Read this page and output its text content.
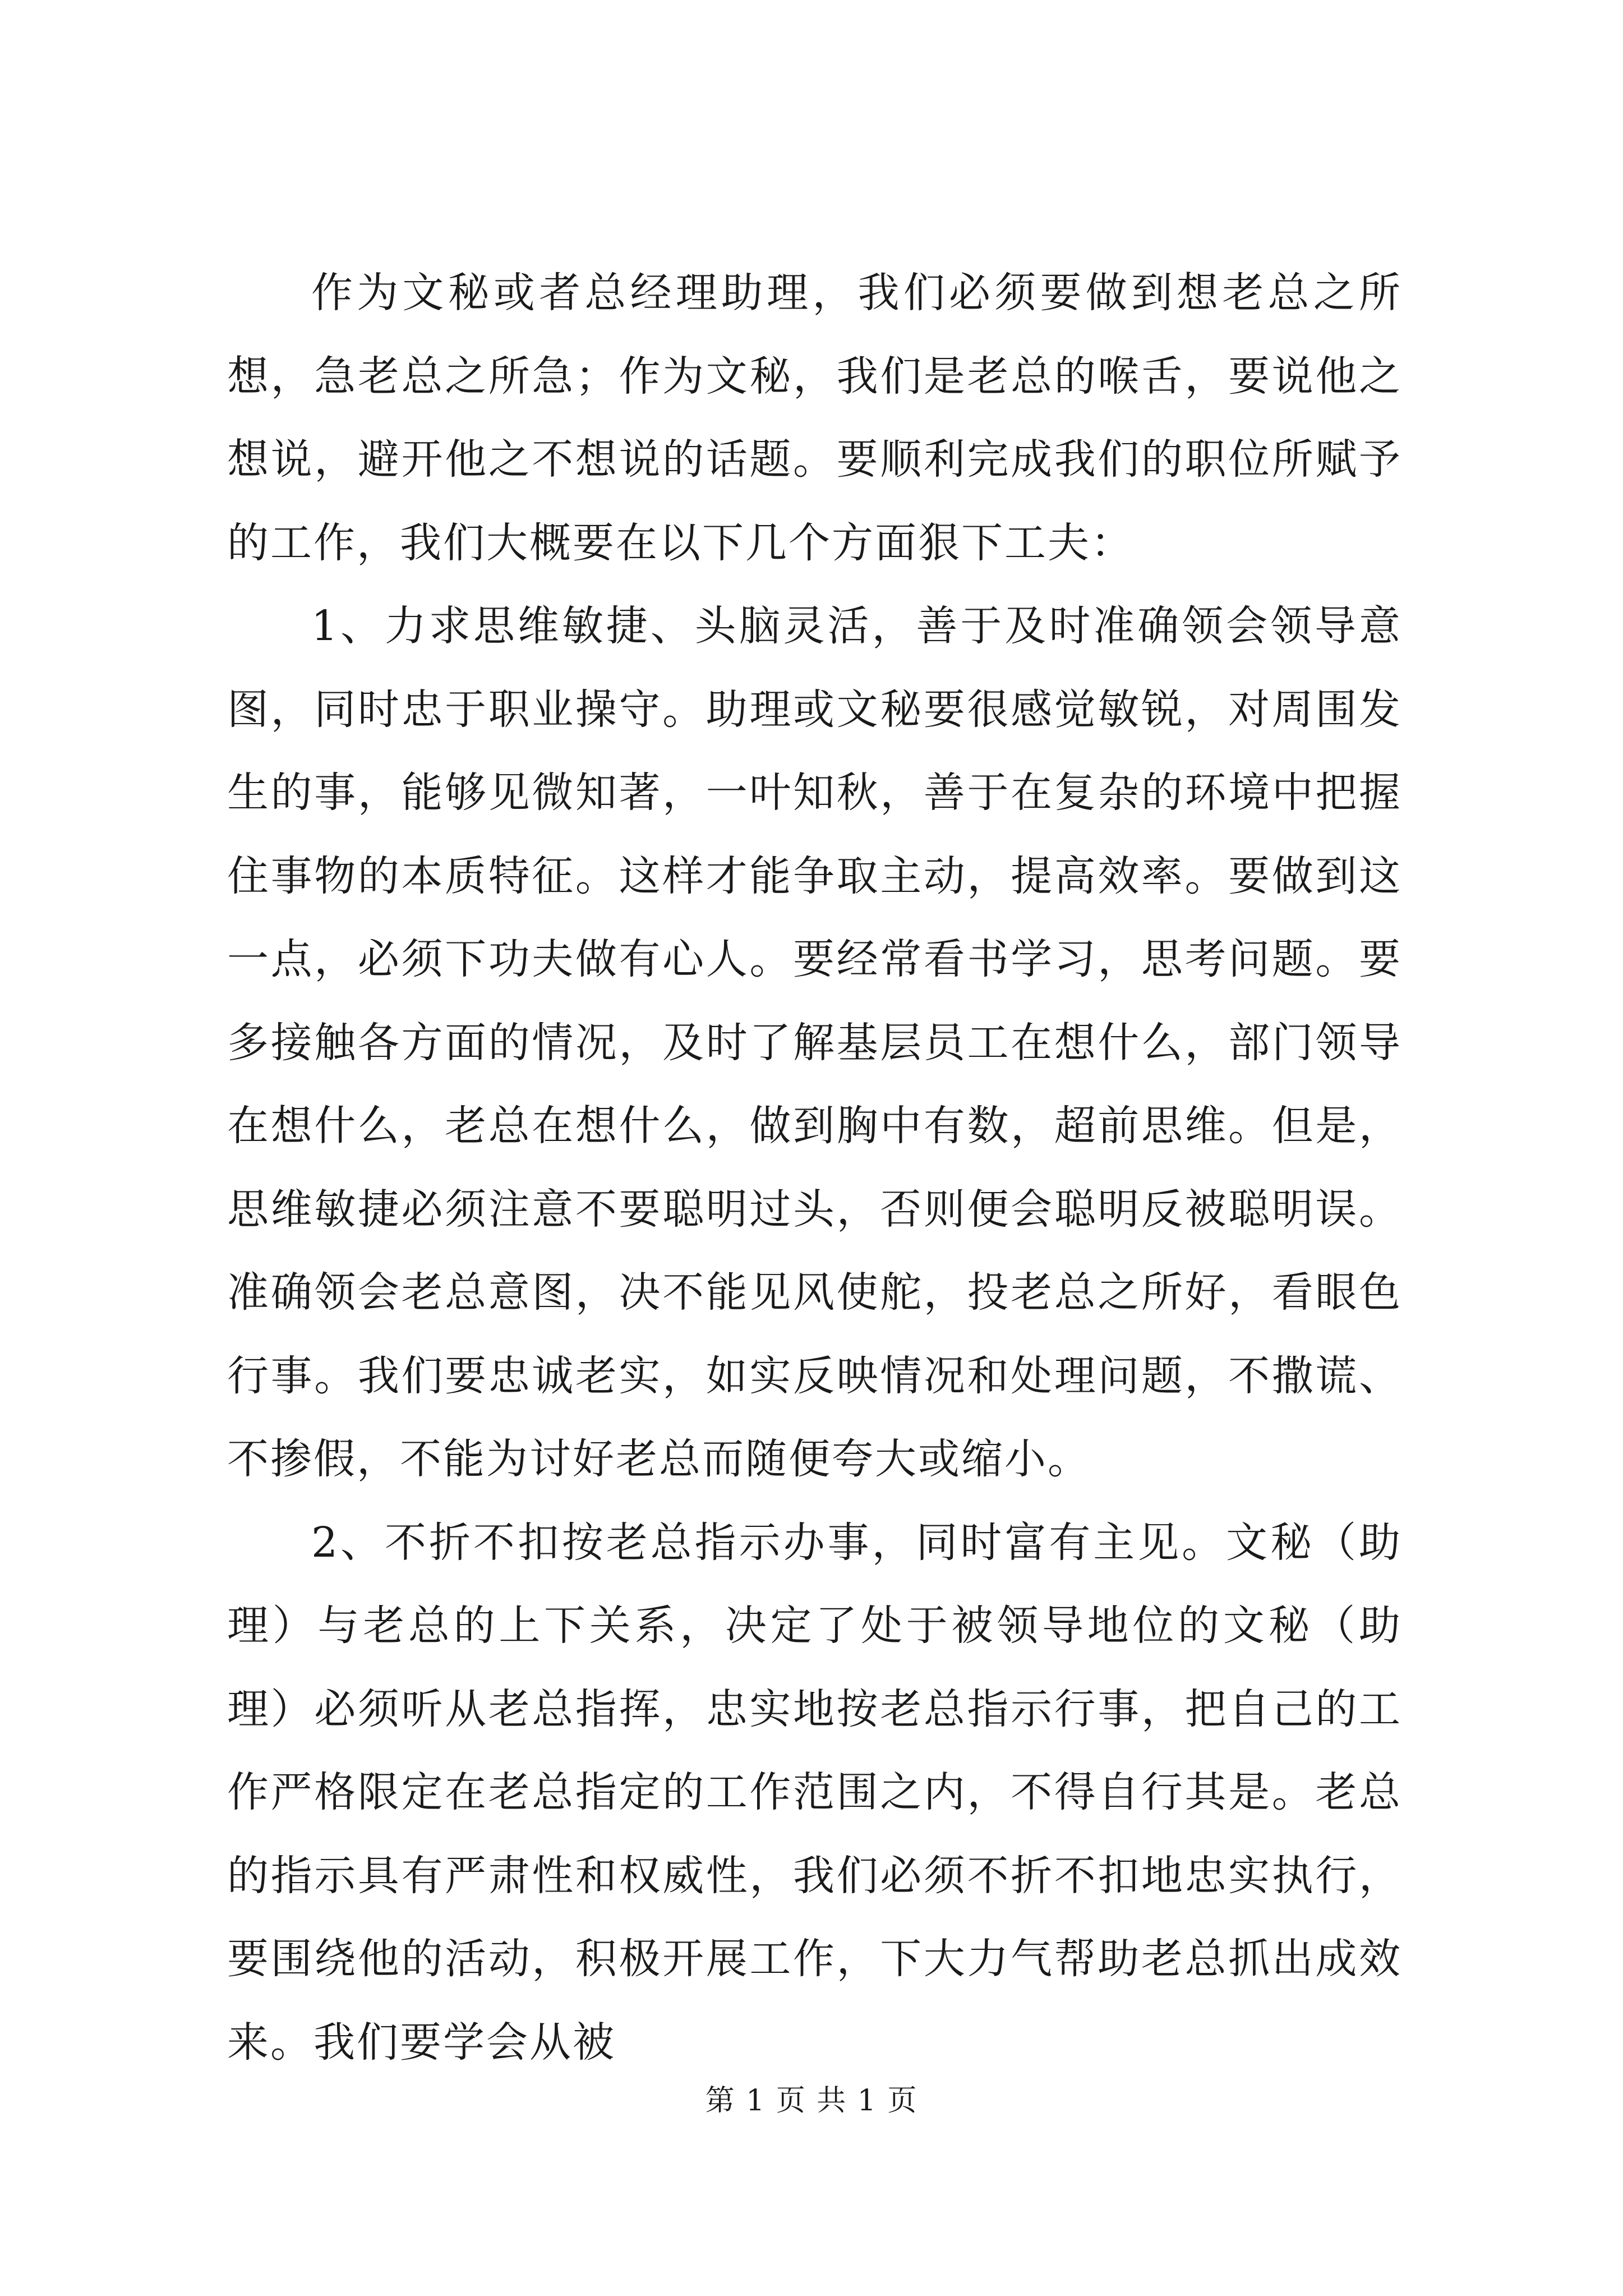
作为文秘或者总经理助理，我们必须要做到想老总之所想，急老总之所急；作为文秘，我们是老总的喉舌，要说他之想说，避开他之不想说的话题。要顺利完成我们的职位所赋予的工作，我们大概要在以下几个方面狠下工夫：

1、力求思维敏捷、头脑灵活，善于及时准确领会领导意图，同时忠于职业操守。助理或文秘要很感觉敏锐，对周围发生的事，能够见微知著，一叶知秋，善于在复杂的环境中把握住事物的本质特征。这样才能争取主动，提高效率。要做到这一点，必须下功夫做有心人。要经常看书学习，思考问题。要多接触各方面的情况，及时了解基层员工在想什么，部门领导在想什么，老总在想什么，做到胸中有数，超前思维。但是，思维敏捷必须注意不要聪明过头，否则便会聪明反被聪明误。准确领会老总意图，决不能见风使舵，投老总之所好，看眼色行事。我们要忠诚老实，如实反映情况和处理问题，不撒谎、不掺假，不能为讨好老总而随便夸大或缩小。

2、不折不扣按老总指示办事，同时富有主见。文秘（助理）与老总的上下关系，决定了处于被领导地位的文秘（助理）必须听从老总指挥，忠实地按老总指示行事，把自己的工作严格限定在老总指定的工作范围之内，不得自行其是。老总的指示具有严肃性和权威性，我们必须不折不扣地忠实执行，要围绕他的活动，积极开展工作，下大力气帮助老总抓出成效来。我们要学会从被

第 1 页 共 1 页
